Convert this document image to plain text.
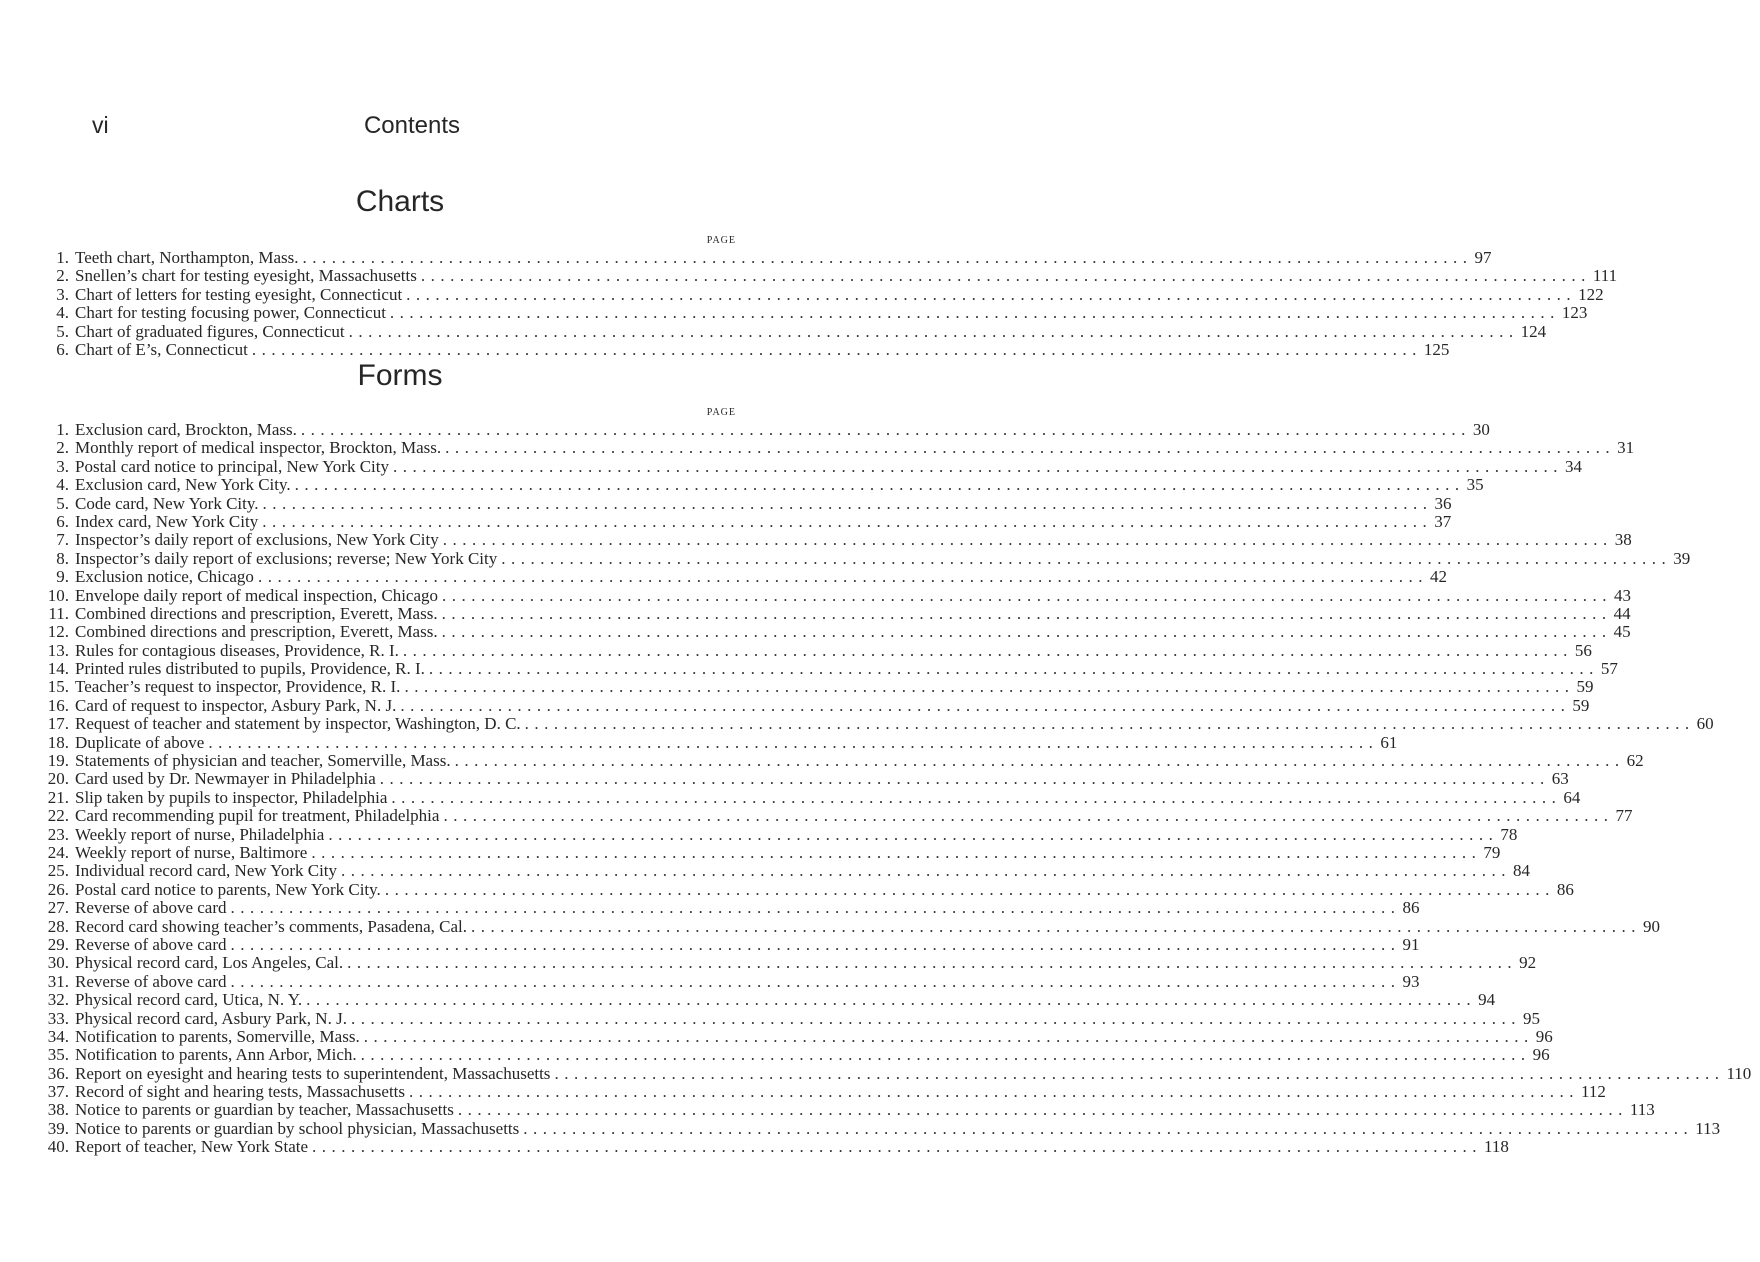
vi	Contents
Charts
PAGE
1. Teeth chart, Northampton, Mass. ........................................................................................................................ 97
2. Snellen’s chart for testing eyesight, Massachusetts ........................................................................................................................ 111
3. Chart of letters for testing eyesight, Connecticut ........................................................................................................................ 122
4. Chart for testing focusing power, Connecticut ........................................................................................................................ 123
5. Chart of graduated figures, Connecticut ........................................................................................................................ 124
6. Chart of E’s, Connecticut ........................................................................................................................ 125
Forms
PAGE
1. Exclusion card, Brockton, Mass. ........................................................................................................................ 30
2. Monthly report of medical inspector, Brockton, Mass. ........................................................................................................................ 31
3. Postal card notice to principal, New York City ........................................................................................................................ 34
4. Exclusion card, New York City. ........................................................................................................................ 35
5. Code card, New York City. ........................................................................................................................ 36
6. Index card, New York City ........................................................................................................................ 37
7. Inspector’s daily report of exclusions, New York City ........................................................................................................................ 38
8. Inspector’s daily report of exclusions; reverse; New York City ........................................................................................................................ 39
9. Exclusion notice, Chicago ........................................................................................................................ 42
10. Envelope daily report of medical inspection, Chicago ........................................................................................................................ 43
11. Combined directions and prescription, Everett, Mass. ........................................................................................................................ 44
12. Combined directions and prescription, Everett, Mass. ........................................................................................................................ 45
13. Rules for contagious diseases, Providence, R. I. ........................................................................................................................ 56
14. Printed rules distributed to pupils, Providence, R. I. ........................................................................................................................ 57
15. Teacher’s request to inspector, Providence, R. I. ........................................................................................................................ 59
16. Card of request to inspector, Asbury Park, N. J. ........................................................................................................................ 59
17. Request of teacher and statement by inspector, Washington, D. C. ........................................................................................................................ 60
18. Duplicate of above ........................................................................................................................ 61
19. Statements of physician and teacher, Somerville, Mass. ........................................................................................................................ 62
20. Card used by Dr. Newmayer in Philadelphia ........................................................................................................................ 63
21. Slip taken by pupils to inspector, Philadelphia ........................................................................................................................ 64
22. Card recommending pupil for treatment, Philadelphia ........................................................................................................................ 77
23. Weekly report of nurse, Philadelphia ........................................................................................................................ 78
24. Weekly report of nurse, Baltimore ........................................................................................................................ 79
25. Individual record card, New York City ........................................................................................................................ 84
26. Postal card notice to parents, New York City. ........................................................................................................................ 86
27. Reverse of above card ........................................................................................................................ 86
28. Record card showing teacher’s comments, Pasadena, Cal. ........................................................................................................................ 90
29. Reverse of above card ........................................................................................................................ 91
30. Physical record card, Los Angeles, Cal. ........................................................................................................................ 92
31. Reverse of above card ........................................................................................................................ 93
32. Physical record card, Utica, N. Y. ........................................................................................................................ 94
33. Physical record card, Asbury Park, N. J. ........................................................................................................................ 95
34. Notification to parents, Somerville, Mass. ........................................................................................................................ 96
35. Notification to parents, Ann Arbor, Mich. ........................................................................................................................ 96
36. Report on eyesight and hearing tests to superintendent, Massachusetts ........................................................................................................................ 110
37. Record of sight and hearing tests, Massachusetts ........................................................................................................................ 112
38. Notice to parents or guardian by teacher, Massachusetts ........................................................................................................................ 113
39. Notice to parents or guardian by school physician, Massachusetts ........................................................................................................................ 113
40. Report of teacher, New York State ........................................................................................................................ 118
